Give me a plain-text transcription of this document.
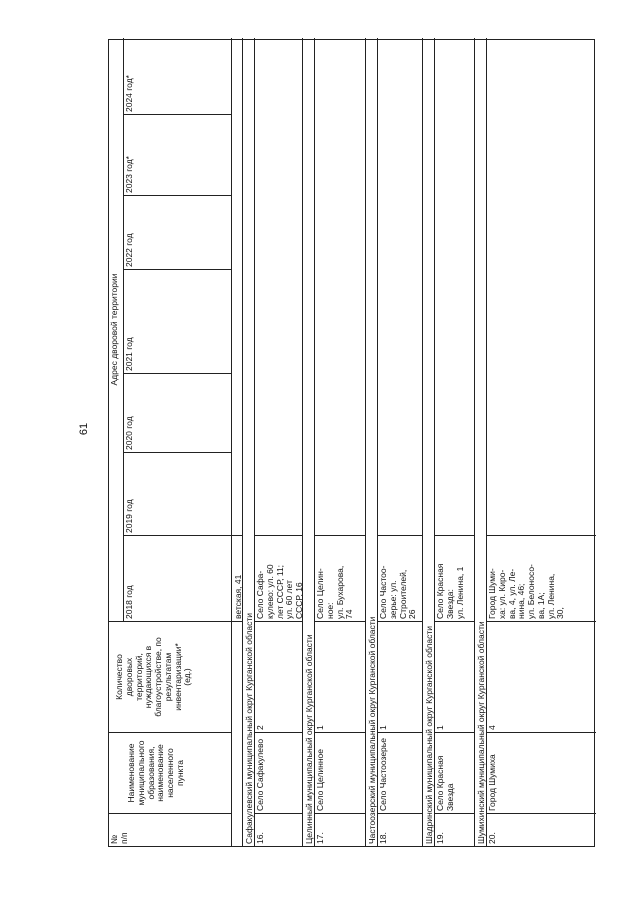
61
№
п/п
Наименование
муниципального
образования,
наименование
населенного пункта
Количество
дворовых
территорий,
нуждающихся в
благоустройстве, по
результатам
инвентаризации*
(ед.)
Адрес дворовой территории
2018 год
2019 год
2020 год
2021 год
2022 год
2023 год*
2024 год*
ветская, 41
Сафакулевский муниципальный округ Курганской области 16.
Село Сафакулево
2
Село Сафа-
кулево: ул. 60
лет СССР, 11;
ул. 60 лет
СССР, 16
Целинный муниципальный округ Курганской области 17.
Село Целинное
1
Село Целин-
ное:
ул. Бухарова,
74
Частоозерский муниципальный округ Курганской области 18.
Село Частоозерье
1
Село Частоо-
зерье: ул.
Строителей,
26
Шадринский муниципальный округ Курганской области 19.
Село Красная
Звезда
1
Село Красная
Звезда:
ул. Ленина, 1
Шумихинский муниципальный округ Курганской области 20.
Город Шумиха
4
Город Шуми-
ха: ул. Киро-
ва, 4, ул. Ле-
нина, 46;
ул. Белоносо-
ва, 1А;
ул. Ленина,
30,
